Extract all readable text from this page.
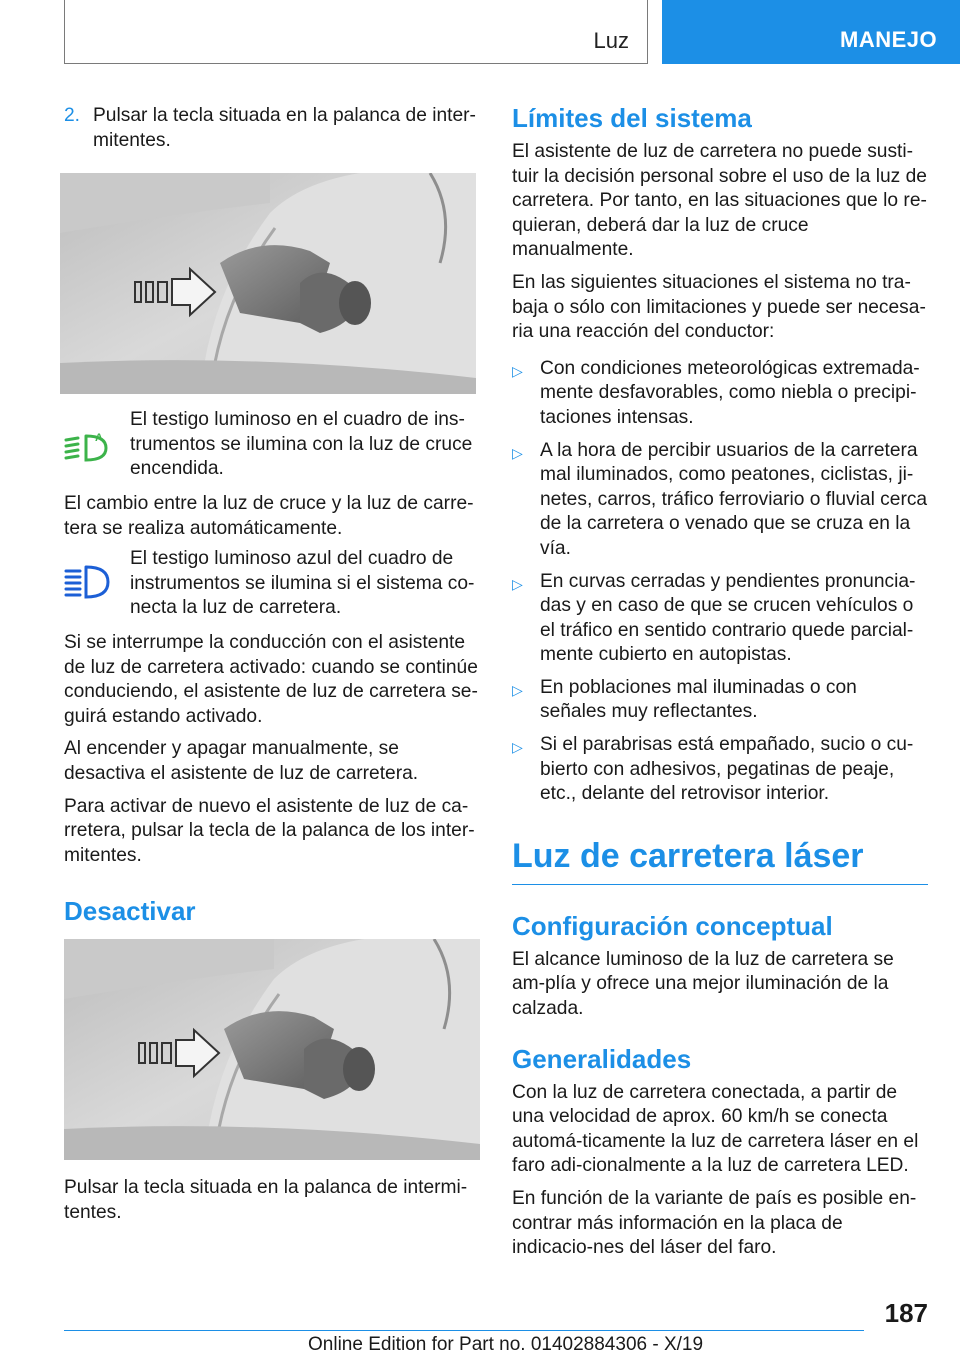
Luz	MANEJO
2. Pulsar la tecla situada en la palanca de inter-mitentes.
A
El testigo luminoso en el cuadro de ins-trumentos se ilumina con la luz de cruce encendida.

El cambio entre la luz de cruce y la luz de carre-tera se realiza automáticamente.

El testigo luminoso azul del cuadro de instrumentos se ilumina si el sistema co-necta la luz de carretera.

Si se interrumpe la conducción con el asistente de luz de carretera activado: cuando se continúe conduciendo, el asistente de luz de carretera se-guirá estando activado.

Al encender y apagar manualmente, se desactiva el asistente de luz de carretera.

Para activar de nuevo el asistente de luz de ca-rretera, pulsar la tecla de la palanca de los inter-mitentes.

Desactivar

Pulsar la tecla situada en la palanca de intermi-tentes.

Límites del sistema

El asistente de luz de carretera no puede susti-tuir la decisión personal sobre el uso de la luz de carretera. Por tanto, en las situaciones que lo re-quieran, deberá dar la luz de cruce manualmente.

En las siguientes situaciones el sistema no tra-baja o sólo con limitaciones y puede ser necesa-ria una reacción del conductor:

▷ Con condiciones meteorológicas extremada-mente desfavorables, como niebla o precipi-taciones intensas.
▷ A la hora de percibir usuarios de la carretera mal iluminados, como peatones, ciclistas, ji-netes, carros, tráfico ferroviario o fluvial cerca de la carretera o venado que se cruza en la vía.
▷ En curvas cerradas y pendientes pronuncia-das y en caso de que se crucen vehículos o el tráfico en sentido contrario quede parcial-mente cubierto en autopistas.
▷ En poblaciones mal iluminadas o con señales muy reflectantes.
▷ Si el parabrisas está empañado, sucio o cu-bierto con adhesivos, pegatinas de peaje, etc., delante del retrovisor interior.
Luz de carretera láser
Configuración conceptual

El alcance luminoso de la luz de carretera se am-plía y ofrece una mejor iluminación de la calzada.

Generalidades

Con la luz de carretera conectada, a partir de una velocidad de aprox. 60 km/h se conecta automá-ticamente la luz de carretera láser en el faro adi-cionalmente a la luz de carretera LED.

En función de la variante de país es posible en-contrar más información en la placa de indicacio-nes del láser del faro.

187
Online Edition for Part no. 01402884306 - X/19
